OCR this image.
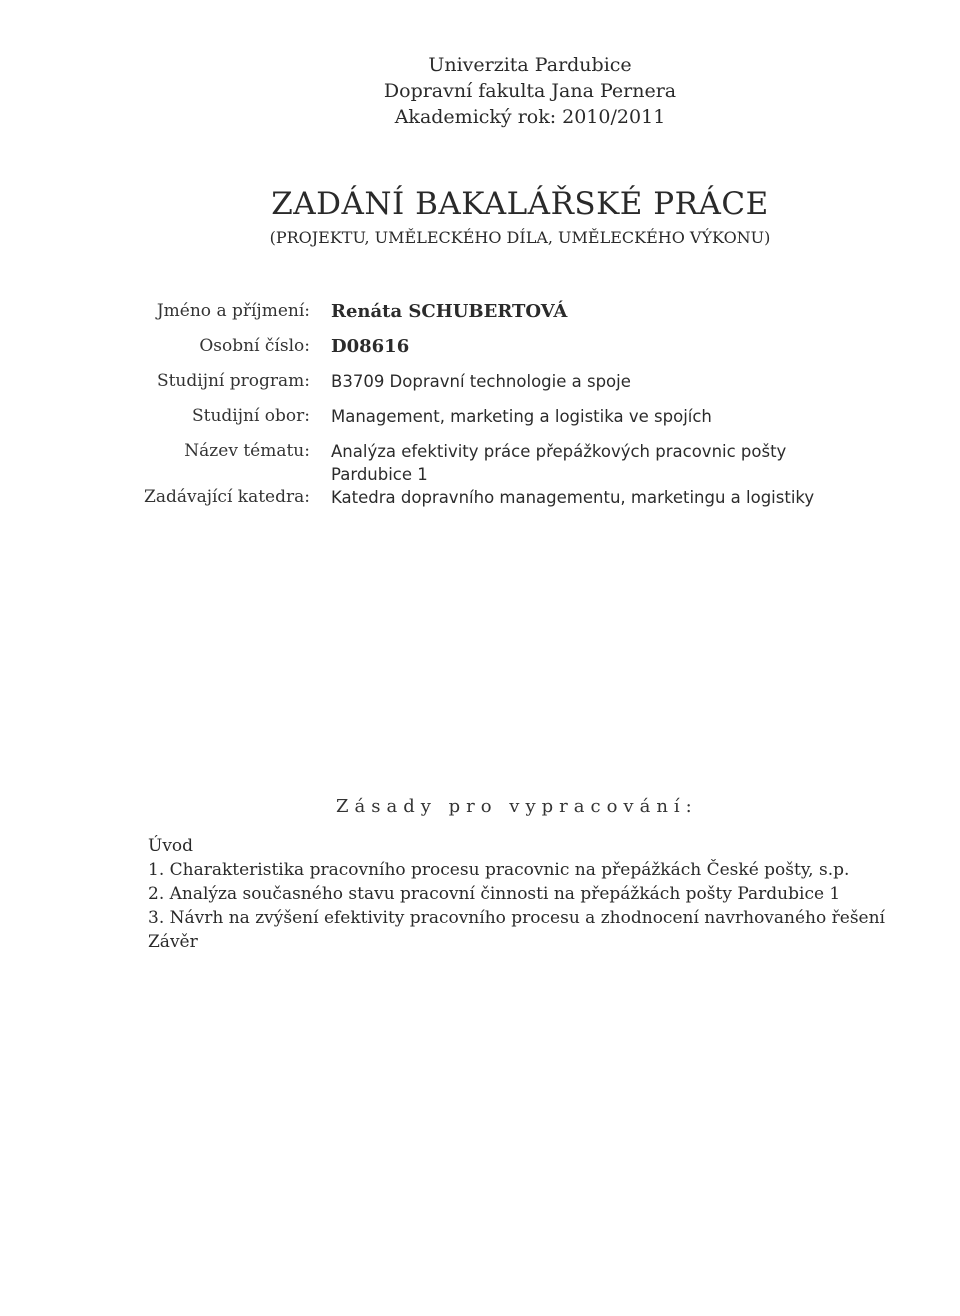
Univerzita Pardubice
Dopravní fakulta Jana Pernera
Akademický rok: 2010/2011
ZADÁNÍ BAKALÁŘSKÉ PRÁCE
(PROJEKTU, UMĚLECKÉHO DÍLA, UMĚLECKÉHO VÝKONU)
Jméno a příjmení: Renáta SCHUBERTOVÁ
Osobní číslo: D08616
Studijní program: B3709 Dopravní technologie a spoje
Studijní obor: Management, marketing a logistika ve spojích
Název tématu: Analýza efektivity práce přepážkových pracovnic pošty
Pardubice 1
Zadávající katedra: Katedra dopravního managementu, marketingu a logistiky
Zásady pro vypracování:
Úvod
1. Charakteristika pracovního procesu pracovnic na přepážkách České pošty, s.p.
2. Analýza současného stavu pracovní činnosti na přepážkách pošty Pardubice 1
3. Návrh na zvýšení efektivity pracovního procesu a zhodnocení navrhovaného řešení
Závěr
